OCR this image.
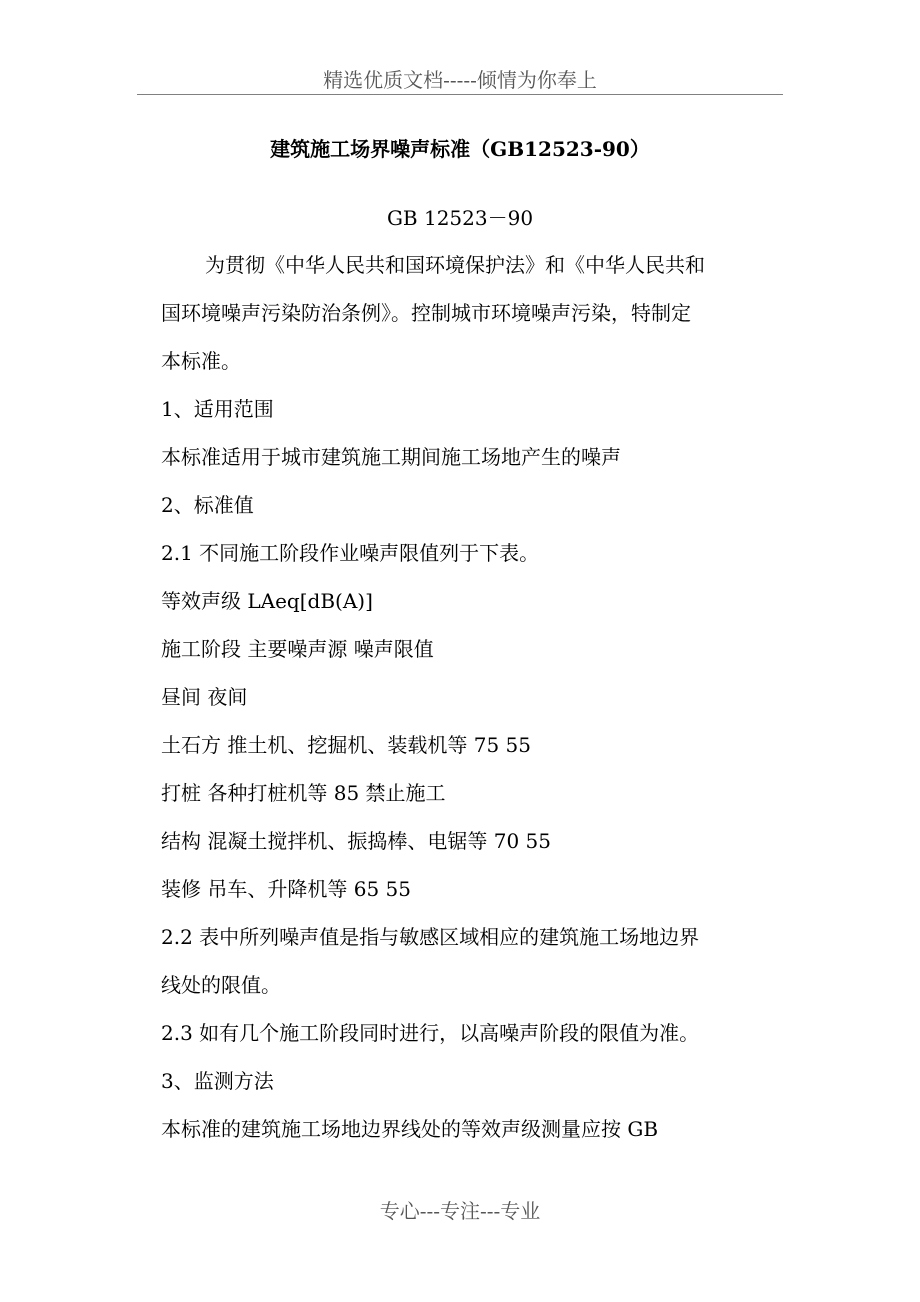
精选优质文档-----倾情为你奉上
建筑施工场界噪声标准（GB12523-90）
GB 12523－90
为贯彻《中华人民共和国环境保护法》和《中华人民共和
国环境噪声污染防治条例》。控制城市环境噪声污染，特制定
本标准。
1、适用范围
本标准适用于城市建筑施工期间施工场地产生的噪声
2、标准值
2.1 不同施工阶段作业噪声限值列于下表。
等效声级 LAeq[dB(A)]
施工阶段 主要噪声源 噪声限值
昼间 夜间
土石方 推土机、挖掘机、装载机等 75 55
打桩 各种打桩机等 85 禁止施工
结构 混凝土搅拌机、振捣棒、电锯等 70 55
装修 吊车、升降机等 65 55
2.2 表中所列噪声值是指与敏感区域相应的建筑施工场地边界
线处的限值。
2.3 如有几个施工阶段同时进行，以高噪声阶段的限值为准。
3、监测方法
本标准的建筑施工场地边界线处的等效声级测量应按 GB
专心---专注---专业
